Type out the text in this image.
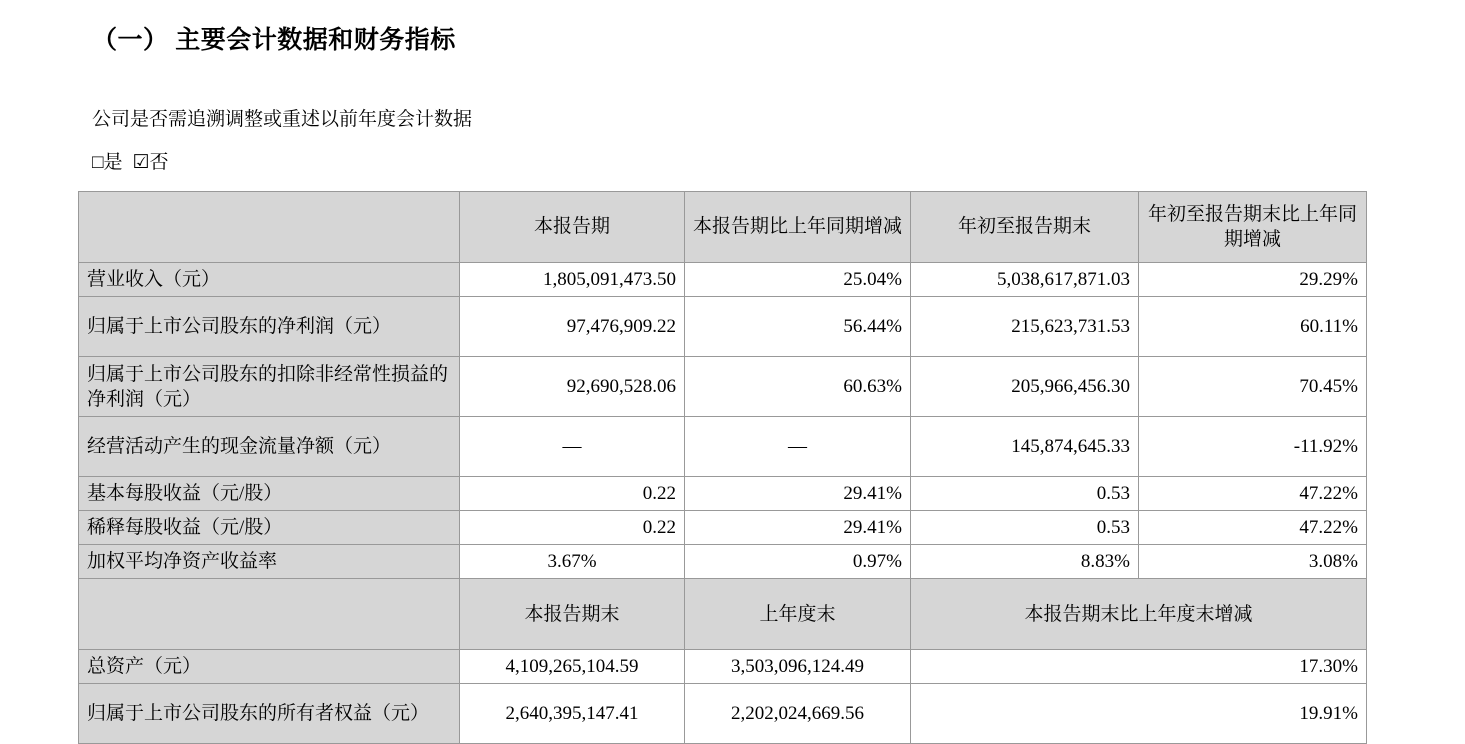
（一） 主要会计数据和财务指标
公司是否需追溯调整或重述以前年度会计数据
□是 ☑否
	本报告期	本报告期比上年同期增减	年初至报告期末	年初至报告期末比上年同期增减
营业收入（元）	1,805,091,473.50	25.04%	5,038,617,871.03	29.29%
归属于上市公司股东的净利润（元）	97,476,909.22	56.44%	215,623,731.53	60.11%
归属于上市公司股东的扣除非经常性损益的净利润（元）	92,690,528.06	60.63%	205,966,456.30	70.45%
经营活动产生的现金流量净额（元）	—	—	145,874,645.33	-11.92%
基本每股收益（元/股）	0.22	29.41%	0.53	47.22%
稀释每股收益（元/股）	0.22	29.41%	0.53	47.22%
加权平均净资产收益率	3.67%	0.97%	8.83%	3.08%
	本报告期末	上年度末	本报告期末比上年度末增减	
总资产（元）	4,109,265,104.59	3,503,096,124.49	17.30%	
归属于上市公司股东的所有者权益（元）	2,640,395,147.41	2,202,024,669.56	19.91%	
